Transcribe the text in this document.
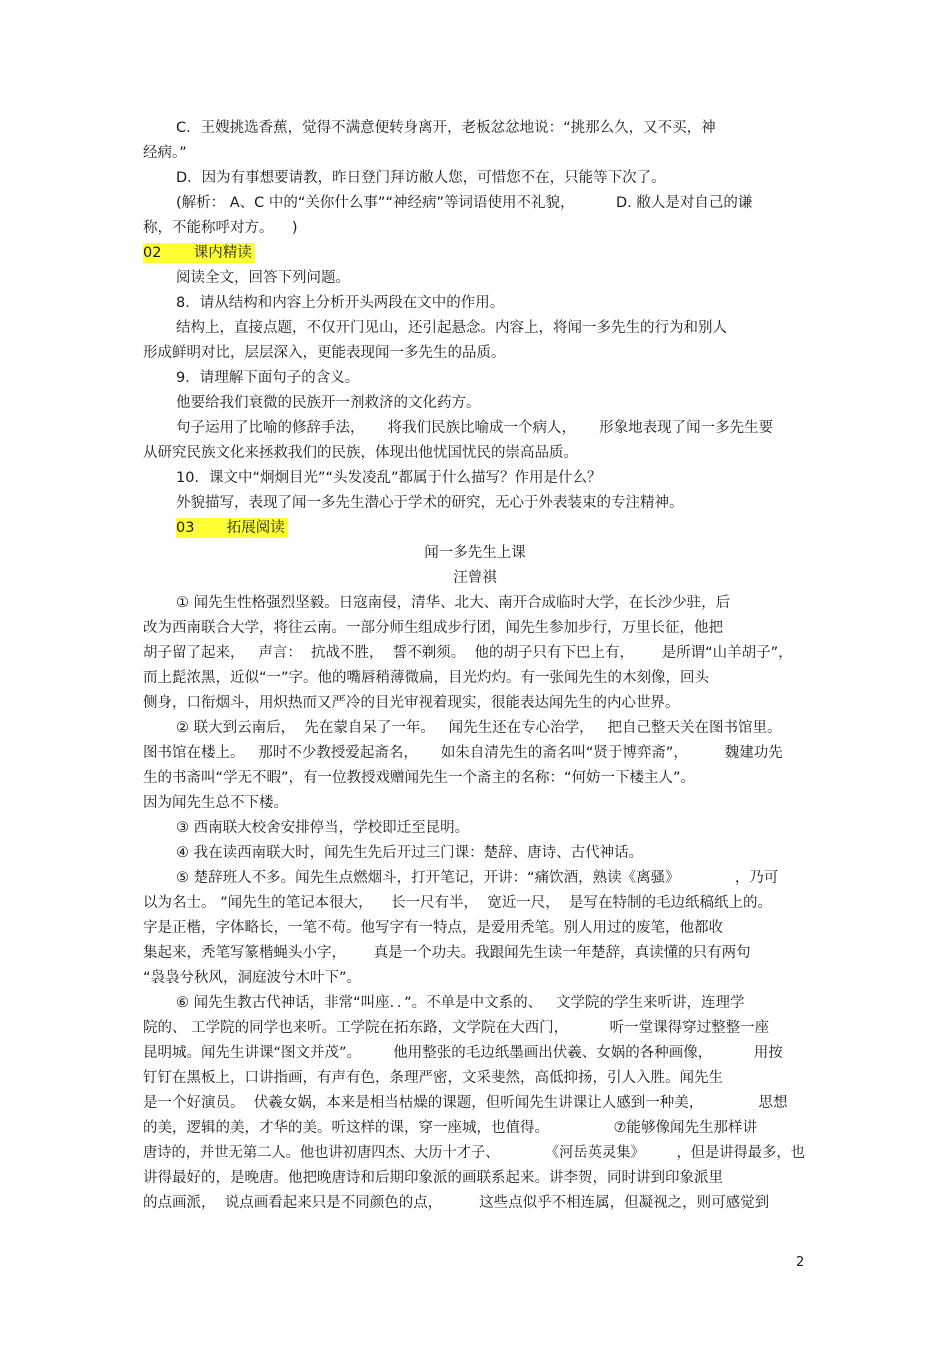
C．王嫂挑选香蕉，觉得不满意便转身离开，老板忿忿地说：“挑那么久，又不买，神

经病。”

D．因为有事想要请教，昨日登门拜访敝人您，可惜您不在，只能等下次了。

(解析： A、C 中的“关你什么事”“神经病”等词语使用不礼貌，         D. 敝人是对自己的谦

称，不能称呼对方。    )

02       课内精读

阅读全文，回答下列问题。

8．请从结构和内容上分析开头两段在文中的作用。

结构上，直接点题，不仅开门见山，还引起悬念。内容上，将闻一多先生的行为和别人

形成鲜明对比，层层深入，更能表现闻一多先生的品质。

9．请理解下面句子的含义。

他要给我们衰微的民族开一剂救济的文化药方。

句子运用了比喻的修辞手法，     将我们民族比喻成一个病人，     形象地表现了闻一多先生要

从研究民族文化来拯救我们的民族，体现出他忧国忧民的崇高品质。

10．课文中“炯炯目光”“头发凌乱”都属于什么描写？作用是什么？

外貌描写，表现了闻一多先生潜心于学术的研究，无心于外表装束的专注精神。

03       拓展阅读
闻一多先生上课
汪曾祺

① 闻先生性格强烈坚毅。日寇南侵，清华、北大、南开合成临时大学，在长沙少驻，后

改为西南联合大学，将往云南。一部分师生组成步行团，闻先生参加步行，万里长征，他把

胡子留了起来，   声言：  抗战不胜，  誓不剃须。  他的胡子只有下巴上有，      是所谓“山羊胡子”，

而上髭浓黑，近似“一”字。他的嘴唇稍薄微扁，目光灼灼。有一张闻先生的木刻像，回头

侧身，口衔烟斗，用炽热而又严冷的目光审视着现实，很能表达闻先生的内心世界。

② 联大到云南后，  先在蒙自呆了一年。   闻先生还在专心治学，   把自己整天关在图书馆里。

图书馆在楼上。   那时不少教授爱起斋名，     如朱自清先生的斋名叫“贤于博弈斋”，        魏建功先

生的书斋叫“学无不暇”，有一位教授戏赠闻先生一个斋主的名称：“何妨一下楼主人”。

因为闻先生总不下楼。

③ 西南联大校舍安排停当，学校即迁至昆明。

④ 我在读西南联大时，闻先生先后开过三门课：楚辞、唐诗、古代神话。

⑤ 楚辞班人不多。闻先生点燃烟斗，打开笔记，开讲：“痛饮酒，熟读《离骚》            ，乃可

以为名士。 ”闻先生的笔记本很大，    长一尺有半，  宽近一尺，  是写在特制的毛边纸稿纸上的。

字是正楷，字体略长，一笔不苟。他写字有一特点，是爱用秃笔。别人用过的废笔，他都收

集起来，秃笔写篆楷蝇头小字，      真是一个功夫。我跟闻先生读一年楚辞，真读懂的只有两句

“袅袅兮秋风，洞庭波兮木叶下”。

⑥ 闻先生教古代神话，非常“叫座．．”。不单是中文系的、   文学院的学生来听讲，连理学

院的、 工学院的同学也来听。工学院在拓东路，文学院在大西门，         听一堂课得穿过整整一座

昆明城。闻先生讲课“图文并茂”。       他用整张的毛边纸墨画出伏羲、女娲的各种画像，         用按

钉钉在黑板上，口讲指画，有声有色，条理严密，文采斐然，高低抑扬，引人入胜。闻先生

是一个好演员。  伏羲女娲，本来是相当枯燥的课题，但听闻先生讲课让人感到一种美，            思想

的美，逻辑的美，才华的美。听这样的课，穿一座城，也值得。              ⑦能够像闻先生那样讲

唐诗的，并世无第二人。他也讲初唐四杰、大历十才子、          《河岳英灵集》       ，但是讲得最多，也

讲得最好的，是晚唐。他把晚唐诗和后期印象派的画联系起来。讲李贺，同时讲到印象派里

的点画派，  说点画看起来只是不同颜色的点，        这些点似乎不相连属，但凝视之，则可感觉到

2
